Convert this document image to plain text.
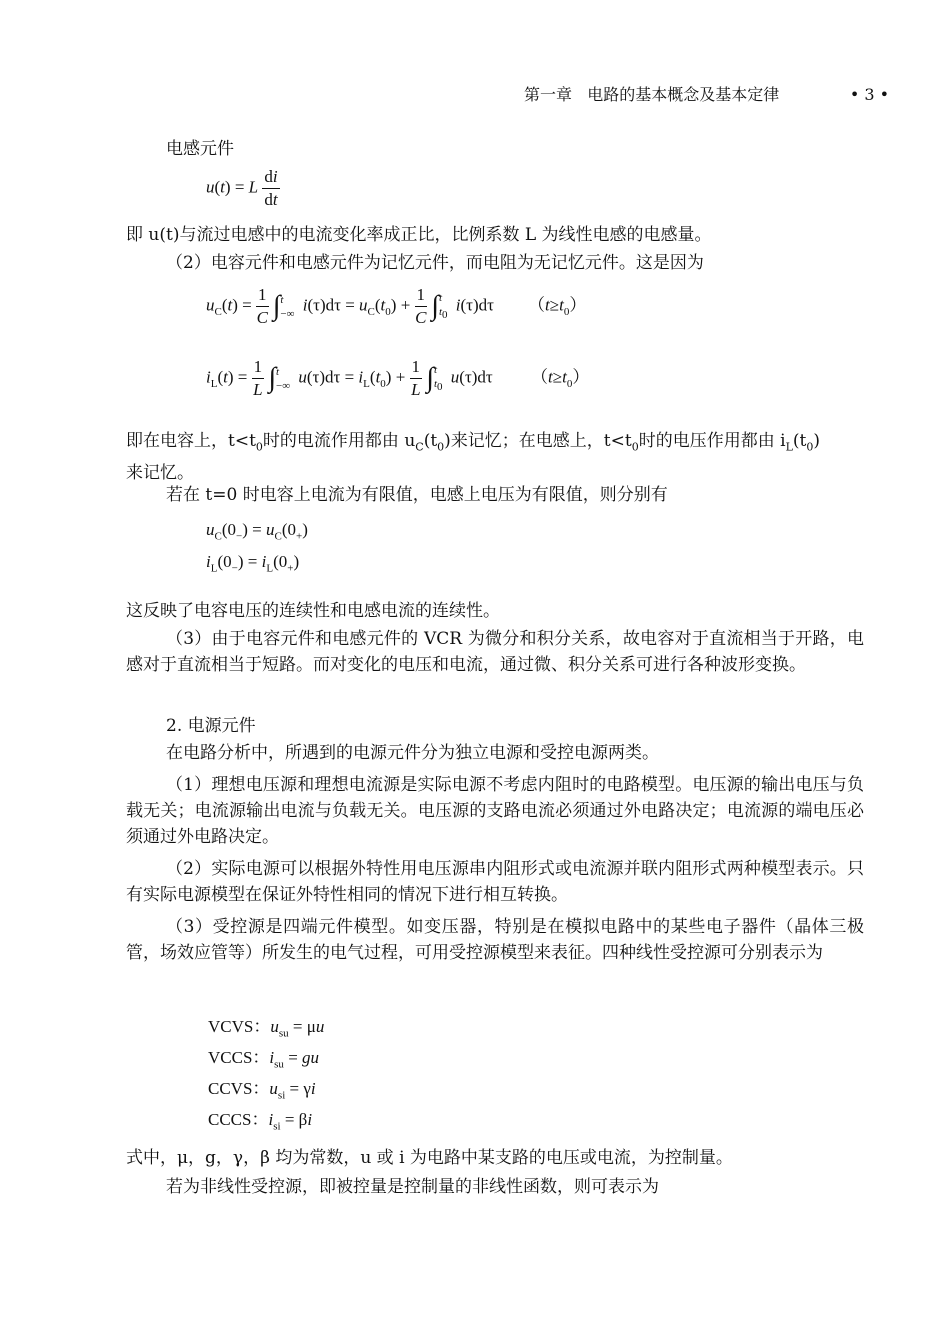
第一章 电路的基本概念及基本定律	• 3 •
电感元件
u(t) = L $\frac{di}{dt}$
即 u(t)与流过电感中的电流变化率成正比，比例系数 L 为线性电感的电感量。
（2）电容元件和电感元件为记忆元件，而电阻为无记忆元件。这是因为
$u_C(t) = \frac{1}{C}$ ∫ t
−∞ $i(\tau)d\tau = u_C(t_0) + \frac{1}{C}$ ∫ t
$t_0$
i(τ)dτ        $(t\ge t_0)$
$i_L(t) = \frac{1}{L}$ ∫ t
−∞ $u(\tau)d\tau = i_L(t_0) + \frac{1}{L}$ ∫ t
$t_0$
u(τ)dτ         $(t\ge t_0)$
即在电容上，$t<t_0$时的电流作用都由 $u_C(t_0)$来记忆；在电感上，$t<t_0$时的电压作用都由 $i_L(t_0)$
来记忆。
若在 t=0 时电容上电流为有限值，电感上电压为有限值，则分别有
$u_C(0_-) = u_C(0_+)$
$i_L(0_-) = i_L(0_+)$
这反映了电容电压的连续性和电感电流的连续性。
（3）由于电容元件和电感元件的 VCR 为微分和积分关系，故电容对于直流相当于开路，电感对于直流相当于短路。而对变化的电压和电流，通过微、积分关系可进行各种波形变换。
2. 电源元件
在电路分析中，所遇到的电源元件分为独立电源和受控电源两类。
（1）理想电压源和理想电流源是实际电源不考虑内阻时的电路模型。电压源的输出电压与负载无关；电流源输出电流与负载无关。电压源的支路电流必须通过外电路决定；电流源的端电压必须通过外电路决定。
（2）实际电源可以根据外特性用电压源串内阻形式或电流源并联内阻形式两种模型表示。只有实际电源模型在保证外特性相同的情况下进行相互转换。
（3）受控源是四端元件模型。如变压器，特别是在模拟电路中的某些电子器件（晶体三极管，场效应管等）所发生的电气过程，可用受控源模型来表征。四种线性受控源可分别表示为
VCVS：$u_{su} = \mu u$
VCCS：$i_{su}$ = gu
CCVS：$u_{si} = \gamma i$
CCCS：$i_{si} = \beta i$
式中，μ，g，γ，β 均为常数，u 或 i 为电路中某支路的电压或电流，为控制量。
若为非线性受控源，即被控量是控制量的非线性函数，则可表示为
